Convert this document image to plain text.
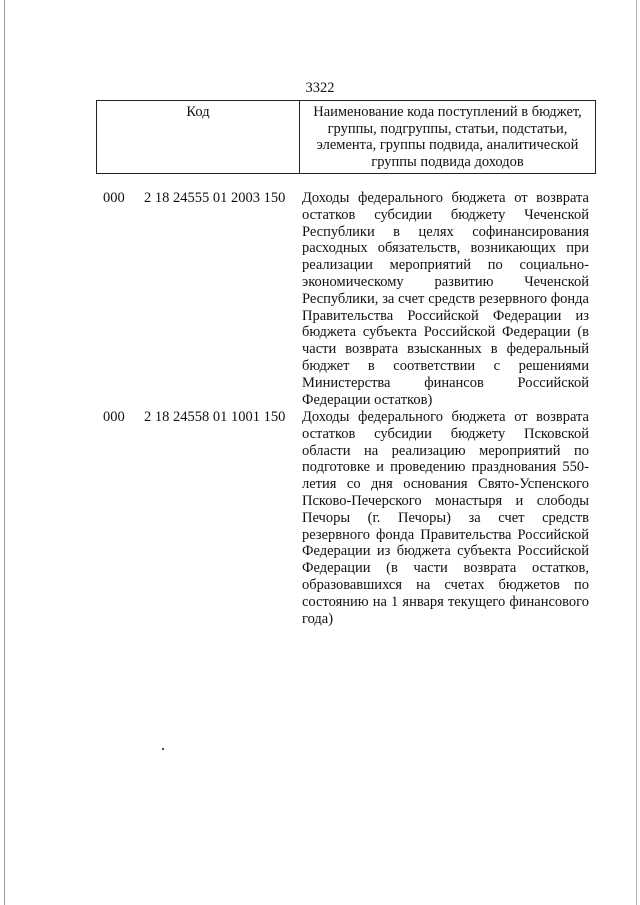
3322
Код	Наименование кода поступлений в бюджет, группы, подгруппы, статьи, подстатьи, элемента, группы подвида, аналитической группы подвида доходов
000	2 18 24555 01 2003 150	Доходы федерального бюджета от возврата остатков субсидии бюджету Чеченской Республики в целях софинансирования расходных обязательств, возникающих при реализации мероприятий по социально-экономическому развитию Чеченской Республики, за счет средств резервного фонда Правительства Российской Федерации из бюджета субъекта Российской Федерации (в части возврата взысканных в федеральный бюджет в соответствии с решениями Министерства финансов Российской Федерации остатков)
000	2 18 24558 01 1001 150	Доходы федерального бюджета от возврата остатков субсидии бюджету Псковской области на реализацию мероприятий по подготовке и проведению празднования 550-летия со дня основания Свято-Успенского Псково-Печерского монастыря и слободы Печоры (г. Печоры) за счет средств резервного фонда Правительства Российской Федерации из бюджета субъекта Российской Федерации (в части возврата остатков, образовавшихся на счетах бюджетов по состоянию на 1 января текущего финансового года)
